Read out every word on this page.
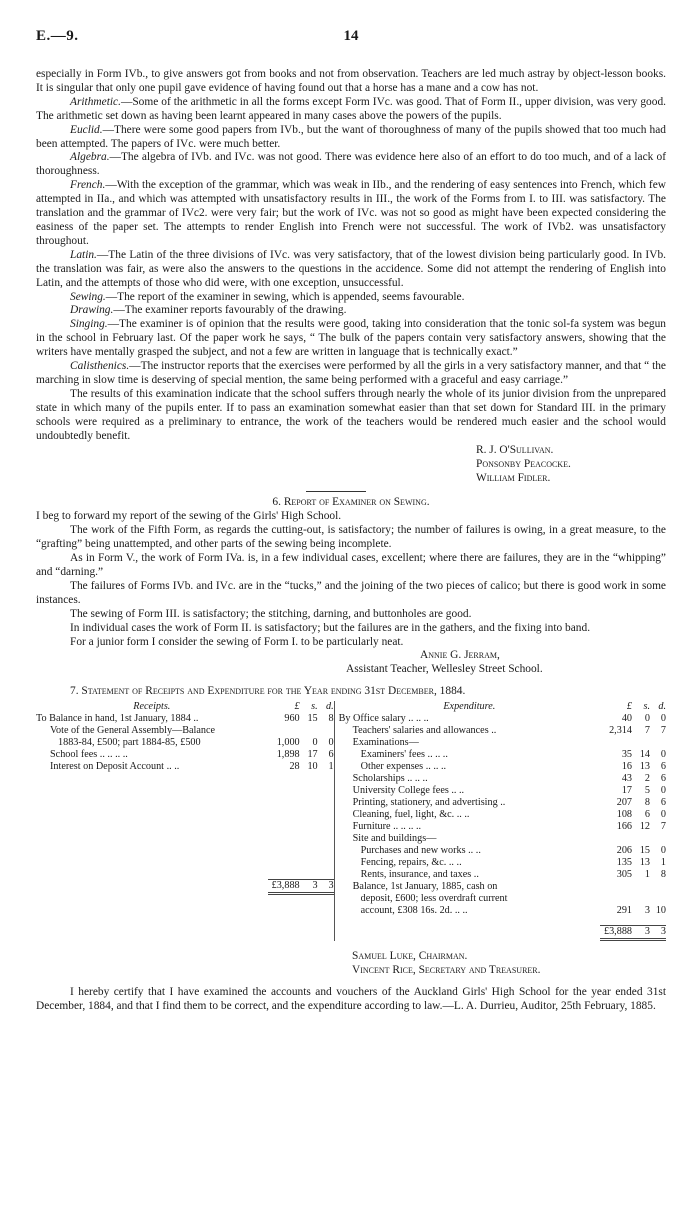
E.—9.	14

especially in Form IVb., to give answers got from books and not from observation. Teachers are led much astray by object-lesson books. It is singular that only one pupil gave evidence of having found out that a horse has a mane and a cow has not.

Arithmetic.—Some of the arithmetic in all the forms except Form IVc. was good. That of Form II., upper division, was very good. The arithmetic set down as having been learnt appeared in many cases above the powers of the pupils.

Euclid.—There were some good papers from IVb., but the want of thoroughness of many of the pupils showed that too much had been attempted. The papers of IVc. were much better.

Algebra.—The algebra of IVb. and IVc. was not good. There was evidence here also of an effort to do too much, and of a lack of thoroughness.

French.—With the exception of the grammar, which was weak in IIb., and the rendering of easy sentences into French, which few attempted in IIa., and which was attempted with unsatisfactory results in III., the work of the Forms from I. to III. was satisfactory. The translation and the grammar of IVc2. were very fair; but the work of IVc. was not so good as might have been expected considering the easiness of the paper set. The attempts to render English into French were not successful. The work of IVb2. was unsatisfactory throughout.

Latin.—The Latin of the three divisions of IVc. was very satisfactory, that of the lowest division being particularly good. In IVb. the translation was fair, as were also the answers to the questions in the accidence. Some did not attempt the rendering of English into Latin, and the attempts of those who did were, with one exception, unsuccessful.

Sewing.—The report of the examiner in sewing, which is appended, seems favourable.

Drawing.—The examiner reports favourably of the drawing.

Singing.—The examiner is of opinion that the results were good, taking into consideration that the tonic sol-fa system was begun in the school in February last. Of the paper work he says, “ The bulk of the papers contain very satisfactory answers, showing that the writers have mentally grasped the subject, and not a few are written in language that is technically exact.”

Calisthenics.—The instructor reports that the exercises were performed by all the girls in a very satisfactory manner, and that “ the marching in slow time is deserving of special mention, the same being performed with a graceful and easy carriage.”

The results of this examination indicate that the school suffers through nearly the whole of its junior division from the unprepared state in which many of the pupils enter. If to pass an examination somewhat easier than that set down for Standard III. in the primary schools were required as a preliminary to entrance, the work of the teachers would be rendered much easier and the school would undoubtedly benefit.

R. J. O'Sullivan.
Ponsonby Peacocke.
William Fidler.
6. Report of Examiner on Sewing.

I beg to forward my report of the sewing of the Girls' High School.

The work of the Fifth Form, as regards the cutting-out, is satisfactory; the number of failures is owing, in a great measure, to the “grafting” being unattempted, and other parts of the sewing being incomplete.

As in Form V., the work of Form IVa. is, in a few individual cases, excellent; where there are failures, they are in the “whipping” and “darning.”

The failures of Forms IVb. and IVc. are in the “tucks,” and the joining of the two pieces of calico; but there is good work in some instances.

The sewing of Form III. is satisfactory; the stitching, darning, and buttonholes are good.

In individual cases the work of Form II. is satisfactory; but the failures are in the gathers, and the fixing into band.

For a junior form I consider the sewing of Form I. to be particularly neat.

Annie G. Jerram,
Assistant Teacher, Wellesley Street School.
7. Statement of Receipts and Expenditure for the Year ending 31st December, 1884.
Receipts.	£	s. d.
To Balance in hand, 1st January, 1884 ..	960 15	8
Vote of the General Assembly—Balance
1883-84, £500; part 1884-85, £500	1,000	0	0
School fees .. .. .. ..	1,898 17	6
Interest on Deposit Account .. ..	28 10	1
£3,888	3	3
Expenditure.	£	s. d.
By Office salary .. .. ..	40	0	0
Teachers' salaries and allowances ..	2,314	7	7
Examinations—
Examiners' fees .. .. ..	35 14	0
Other expenses .. .. ..	16 13	6
Scholarships .. .. ..	43	2	6
University College fees .. ..	17	5	0
Printing, stationery, and advertising ..	207	8	6
Cleaning, fuel, light, &c. .. ..	108	6	0
Furniture .. .. .. ..	166 12	7
Site and buildings—
Purchases and new works .. ..	206 15	0
Fencing, repairs, &c. .. ..	135 13	1
Rents, insurance, and taxes ..	305	1	8
Balance, 1st January, 1885, cash on
deposit, £600; less overdraft current
account, £308 16s. 2d. .. ..	291	3 10
£3,888	3	3
Samuel Luke, Chairman.
Vincent Rice, Secretary and Treasurer.

I hereby certify that I have examined the accounts and vouchers of the Auckland Girls' High School for the year ended 31st December, 1884, and that I find them to be correct, and the expenditure according to law.—L. A. Durrieu, Auditor, 25th February, 1885.
